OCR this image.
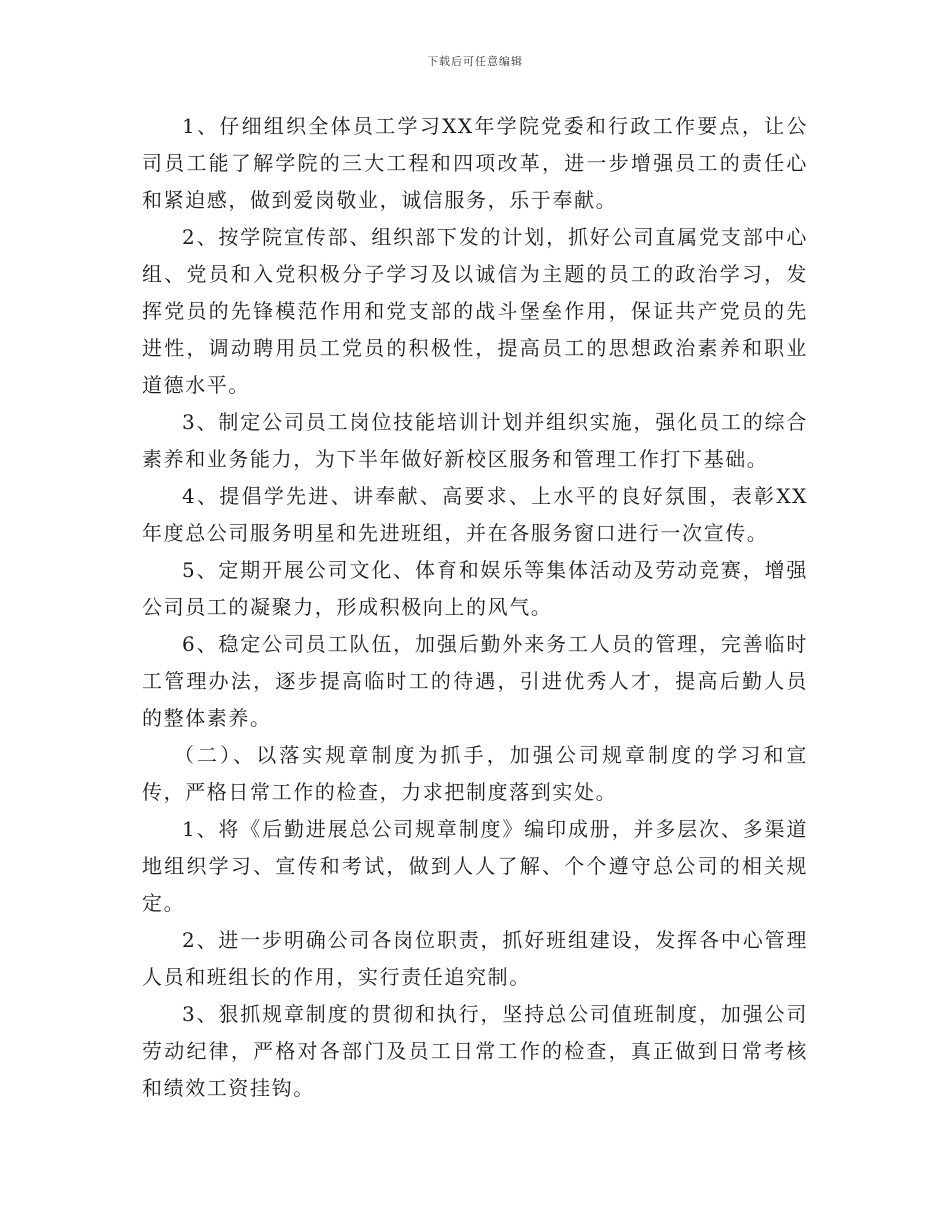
下载后可任意编辑

1、仔细组织全体员工学习XX年学院党委和行政工作要点，让公司员工能了解学院的三大工程和四项改革，进一步增强员工的责任心和紧迫感，做到爱岗敬业，诚信服务，乐于奉献。

2、按学院宣传部、组织部下发的计划，抓好公司直属党支部中心组、党员和入党积极分子学习及以诚信为主题的员工的政治学习，发挥党员的先锋模范作用和党支部的战斗堡垒作用，保证共产党员的先进性，调动聘用员工党员的积极性，提高员工的思想政治素养和职业道德水平。

3、制定公司员工岗位技能培训计划并组织实施，强化员工的综合素养和业务能力，为下半年做好新校区服务和管理工作打下基础。

4、提倡学先进、讲奉献、高要求、上水平的良好氛围，表彰XX年度总公司服务明星和先进班组，并在各服务窗口进行一次宣传。

5、定期开展公司文化、体育和娱乐等集体活动及劳动竞赛，增强公司员工的凝聚力，形成积极向上的风气。

6、稳定公司员工队伍，加强后勤外来务工人员的管理，完善临时工管理办法，逐步提高临时工的待遇，引进优秀人才，提高后勤人员的整体素养。

（二）、以落实规章制度为抓手，加强公司规章制度的学习和宣传，严格日常工作的检查，力求把制度落到实处。

1、将《后勤进展总公司规章制度》编印成册，并多层次、多渠道地组织学习、宣传和考试，做到人人了解、个个遵守总公司的相关规定。

2、进一步明确公司各岗位职责，抓好班组建设，发挥各中心管理人员和班组长的作用，实行责任追究制。

3、狠抓规章制度的贯彻和执行，坚持总公司值班制度，加强公司劳动纪律，严格对各部门及员工日常工作的检查，真正做到日常考核和绩效工资挂钩。
